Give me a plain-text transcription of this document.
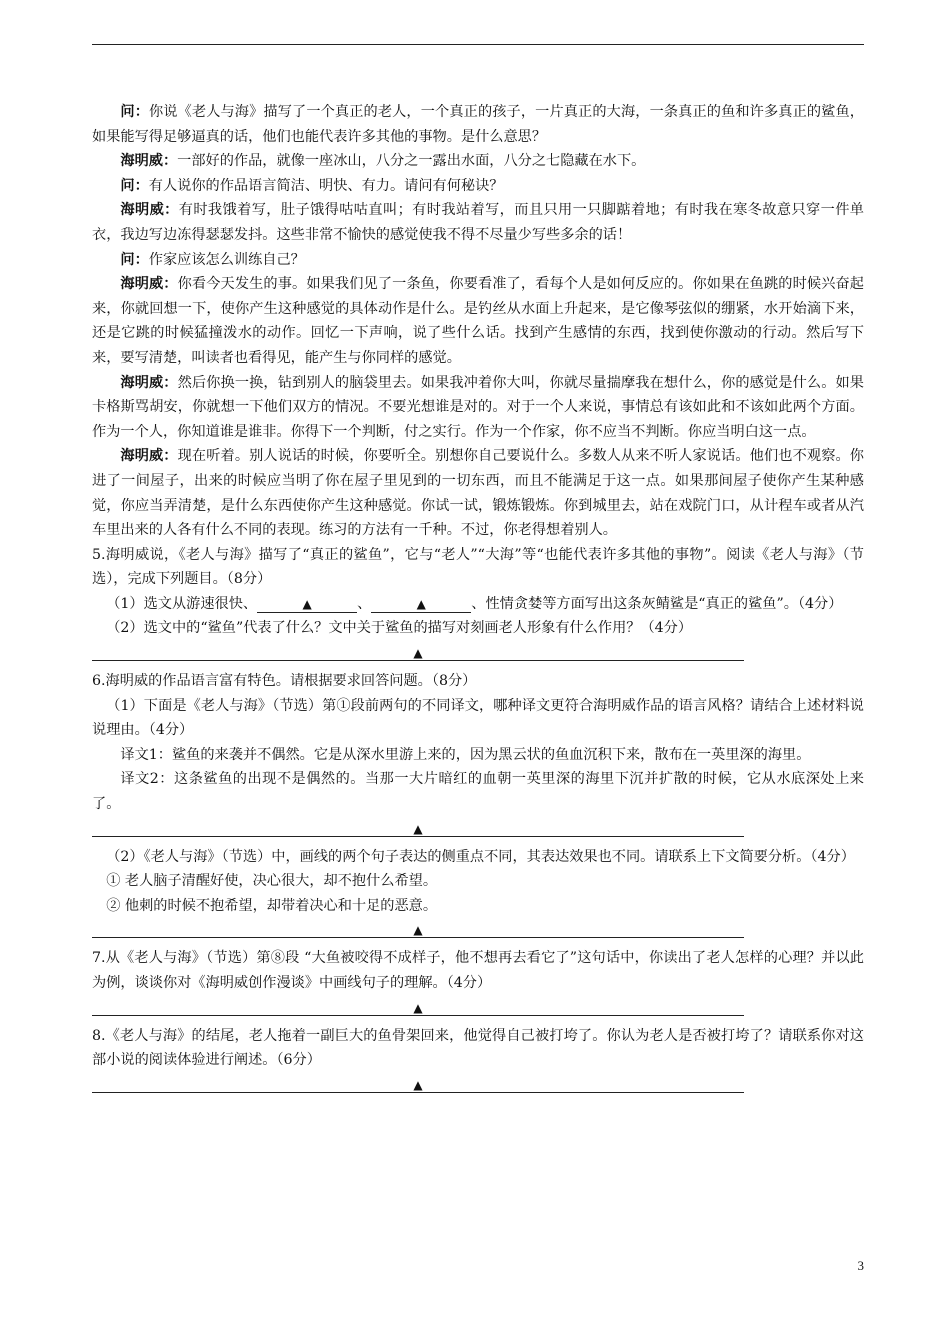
问：你说《老人与海》描写了一个真正的老人，一个真正的孩子，一片真正的大海，一条真正的鱼和许多真正的鲨鱼，如果能写得足够逼真的话，他们也能代表许多其他的事物。是什么意思？

海明威：一部好的作品，就像一座冰山，八分之一露出水面，八分之七隐藏在水下。

问：有人说你的作品语言简洁、明快、有力。请问有何秘诀？

海明威：有时我饿着写，肚子饿得咕咕直叫；有时我站着写，而且只用一只脚踮着地；有时我在寒冬故意只穿一件单衣，我边写边冻得瑟瑟发抖。这些非常不愉快的感觉使我不得不尽量少写些多余的话！

问：作家应该怎么训练自己？

海明威：你看今天发生的事。如果我们见了一条鱼，你要看准了，看每个人是如何反应的。你如果在鱼跳的时候兴奋起来，你就回想一下，使你产生这种感觉的具体动作是什么。是钓丝从水面上升起来，是它像琴弦似的绷紧，水开始滴下来，还是它跳的时候猛撞泼水的动作。回忆一下声响，说了些什么话。找到产生感情的东西，找到使你激动的行动。然后写下来，要写清楚，叫读者也看得见，能产生与你同样的感觉。

海明威：然后你换一换，钻到别人的脑袋里去。如果我冲着你大叫，你就尽量揣摩我在想什么，你的感觉是什么。如果卡格斯骂胡安，你就想一下他们双方的情况。不要光想谁是对的。对于一个人来说，事情总有该如此和不该如此两个方面。作为一个人，你知道谁是谁非。你得下一个判断，付之实行。作为一个作家，你不应当不判断。你应当明白这一点。

海明威：现在听着。别人说话的时候，你要听全。别想你自己要说什么。多数人从来不听人家说话。他们也不观察。你进了一间屋子，出来的时候应当明了你在屋子里见到的一切东西，而且不能满足于这一点。如果那间屋子使你产生某种感觉，你应当弄清楚，是什么东西使你产生这种感觉。你试一试，锻炼锻炼。你到城里去，站在戏院门口，从计程车或者从汽车里出来的人各有什么不同的表现。练习的方法有一千种。不过，你老得想着别人。

5.海明威说，《老人与海》描写了“真正的鲨鱼”，它与“老人”“大海”等“也能代表许多其他的事物”。阅读《老人与海》（节选），完成下列题目。（8分）

（1）选文从游速很快、	▲	、	▲	、性情贪婪等方面写出这条灰鲭鲨是“真正的鲨鱼”。（4分）

（2）选文中的“鲨鱼”代表了什么？文中关于鲨鱼的描写对刻画老人形象有什么作用？（4分）

▲

6.海明威的作品语言富有特色。请根据要求回答问题。（8分）

（1）下面是《老人与海》（节选）第①段前两句的不同译文，哪种译文更符合海明威作品的语言风格？请结合上述材料说说理由。（4分）

译文1：鲨鱼的来袭并不偶然。它是从深水里游上来的，因为黑云状的鱼血沉积下来，散布在一英里深的海里。

译文2：这条鲨鱼的出现不是偶然的。当那一大片暗红的血朝一英里深的海里下沉并扩散的时候，它从水底深处上来了。

▲

（2）《老人与海》（节选）中，画线的两个句子表达的侧重点不同，其表达效果也不同。请联系上下文简要分析。（4分）

① 老人脑子清醒好使，决心很大，却不抱什么希望。

② 他刺的时候不抱希望，却带着决心和十足的恶意。

▲

7.从《老人与海》（节选）第⑧段 “大鱼被咬得不成样子，他不想再去看它了”这句话中，你读出了老人怎样的心理？并以此为例，谈谈你对《海明威创作漫谈》中画线句子的理解。（4分）

▲

8.《老人与海》的结尾，老人拖着一副巨大的鱼骨架回来，他觉得自己被打垮了。你认为老人是否被打垮了？请联系你对这部小说的阅读体验进行阐述。（6分）

▲
3
